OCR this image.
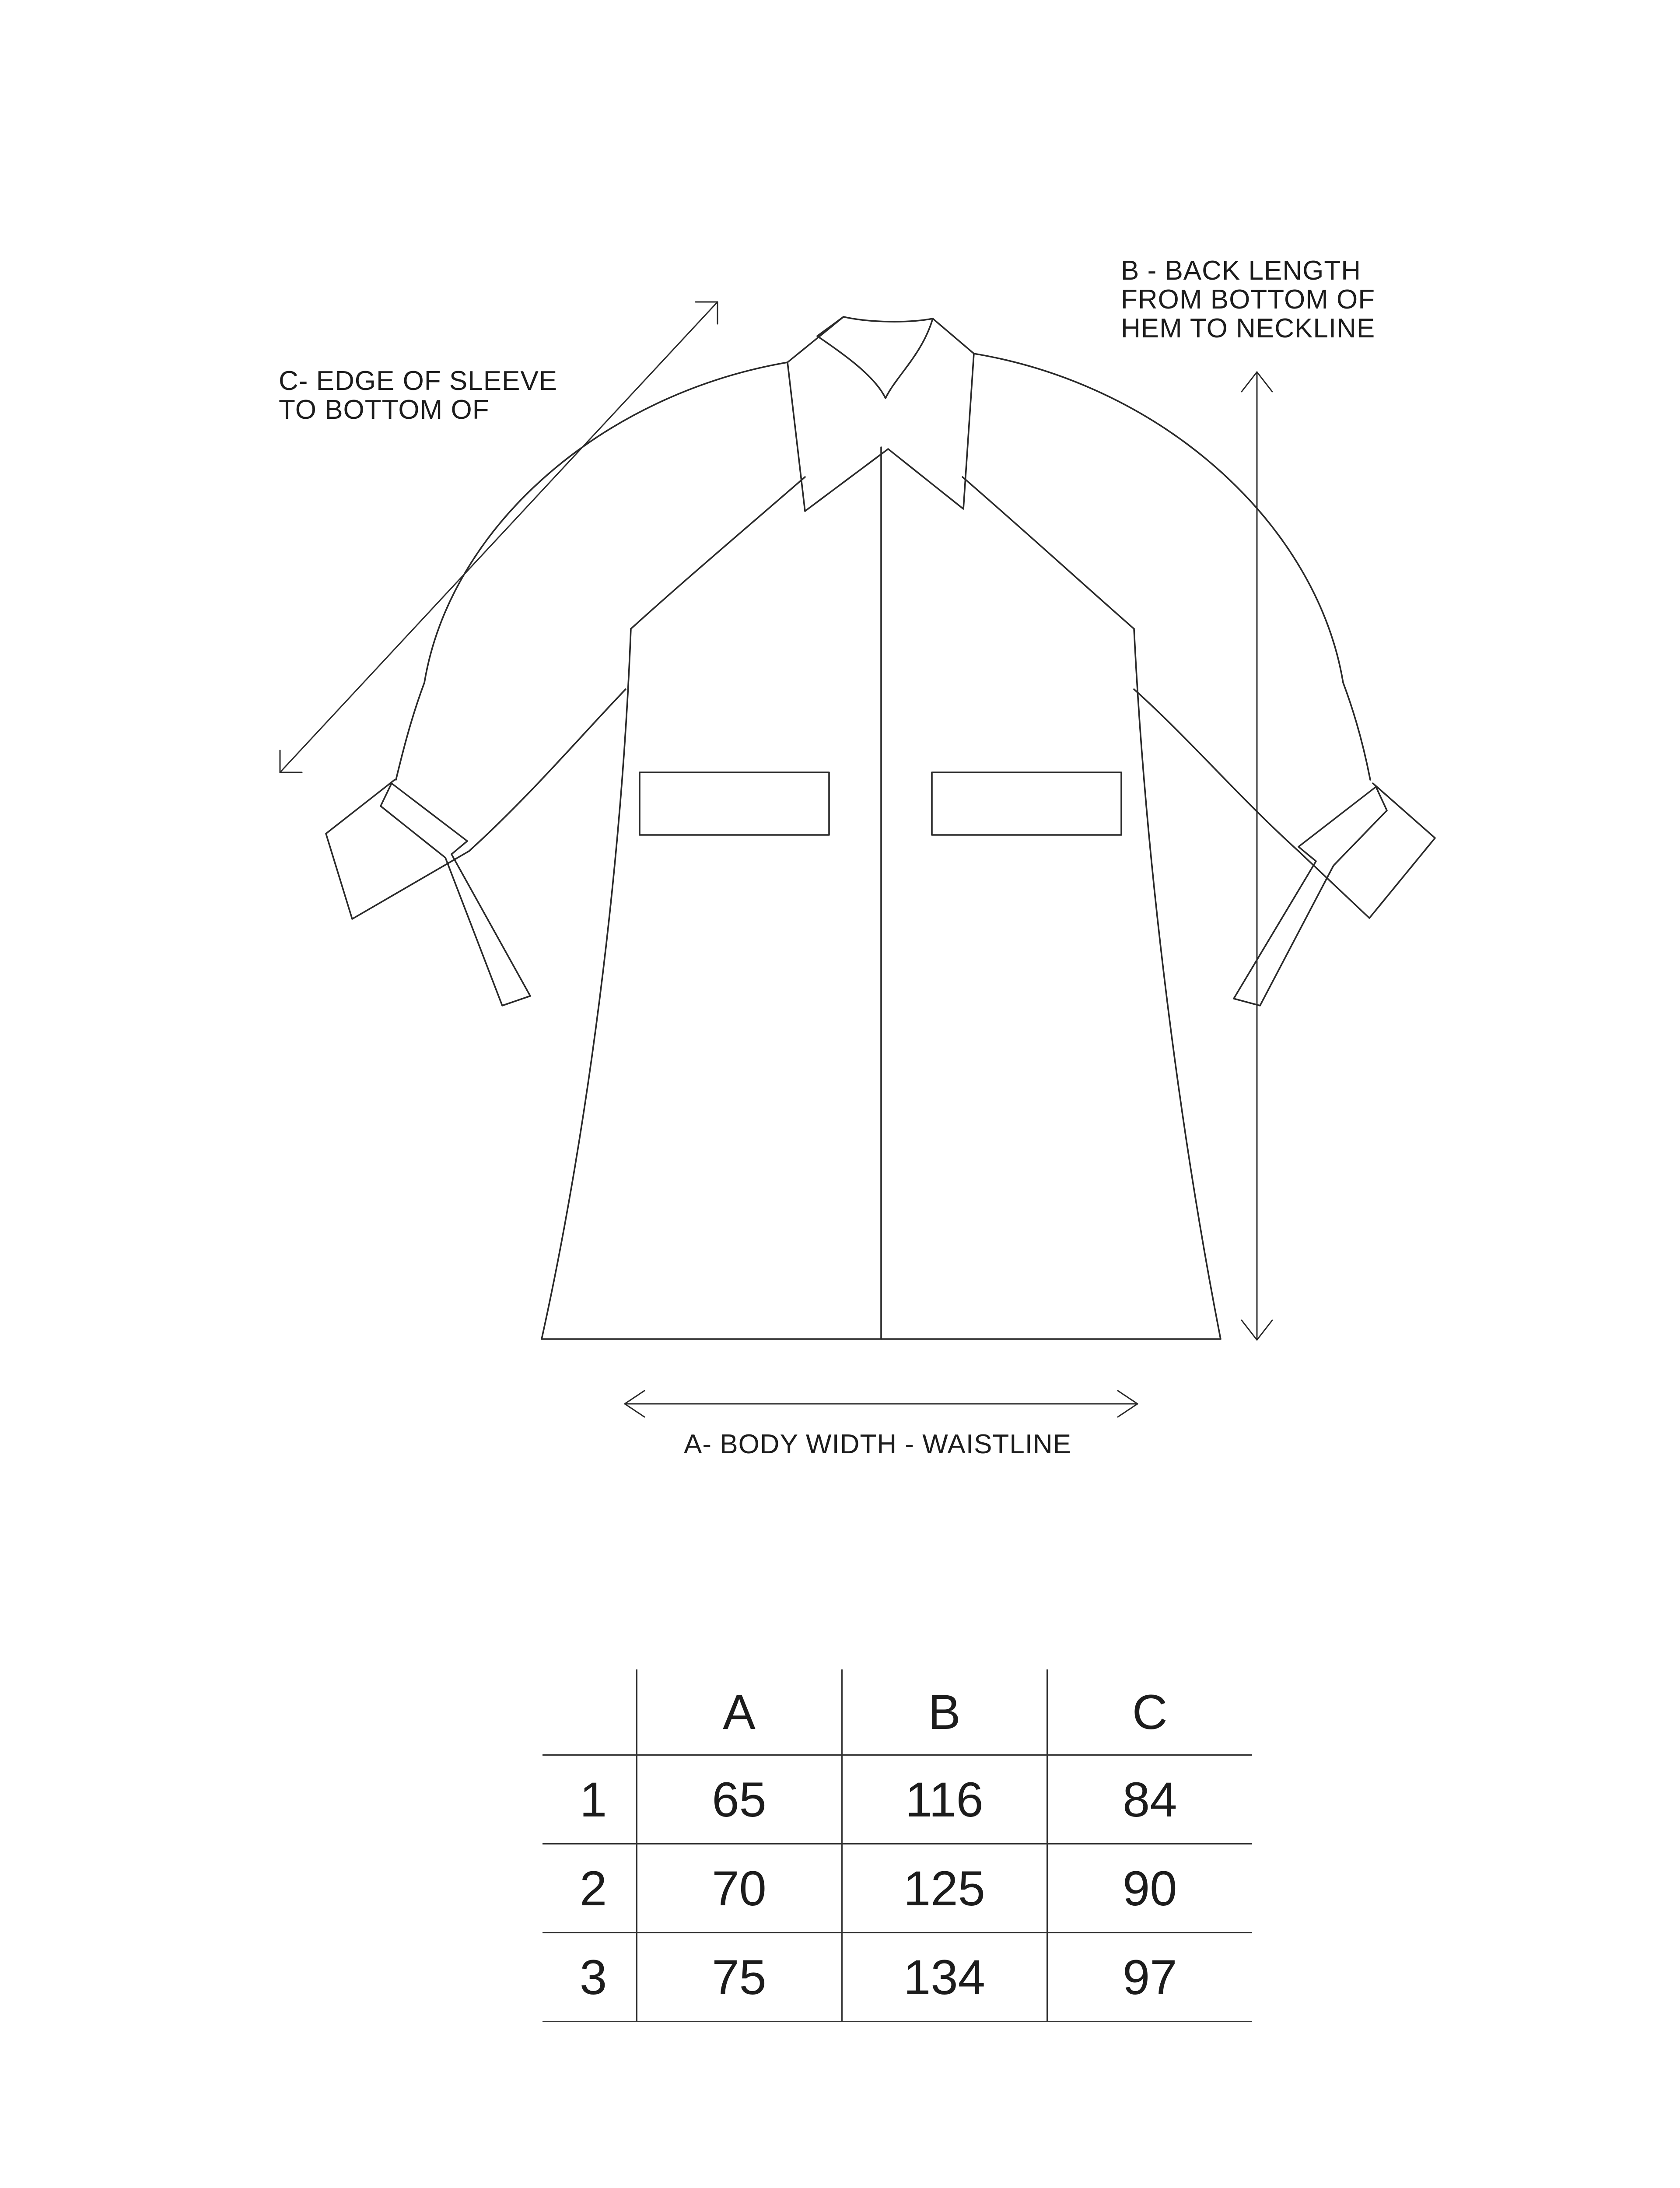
C- EDGE OF SLEEVE
TO BOTTOM OF
B - BACK LENGTH
FROM BOTTOM OF
HEM TO NECKLINE
A- BODY WIDTH - WAISTLINE
	A	B	C
1	65	116	84
2	70	125	90
3	75	134	97
